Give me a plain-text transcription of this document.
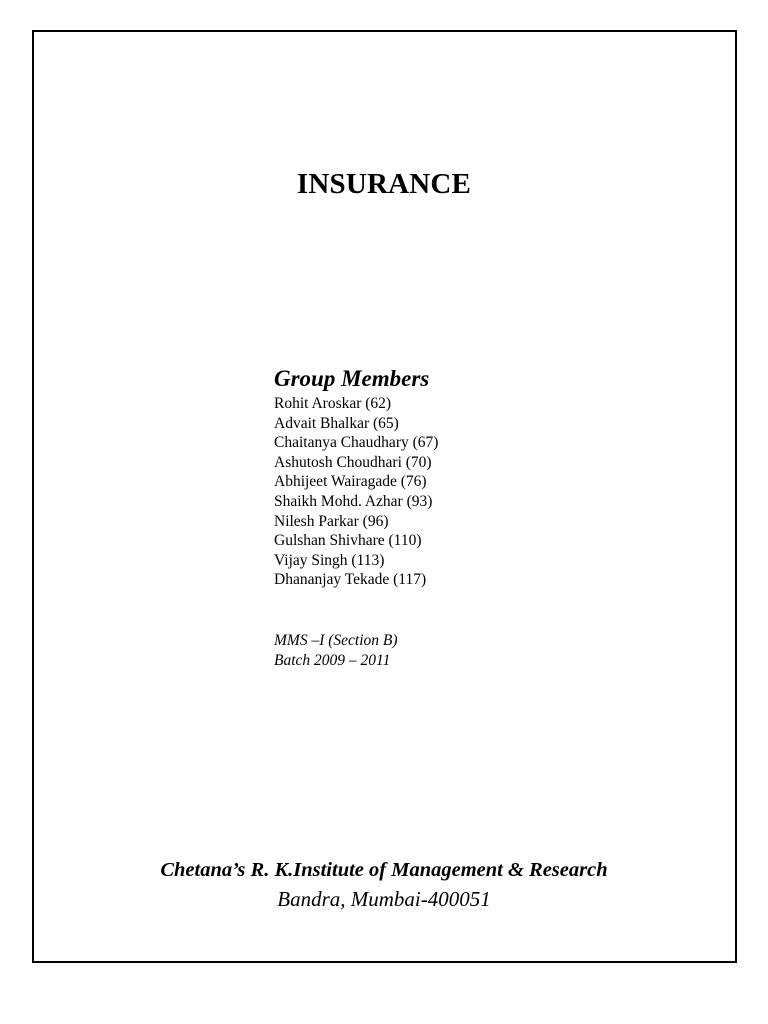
INSURANCE
Group Members
Rohit Aroskar (62)
Advait Bhalkar (65)
Chaitanya Chaudhary (67)
Ashutosh Choudhari (70)
Abhijeet Wairagade (76)
Shaikh Mohd. Azhar (93)
Nilesh Parkar (96)
Gulshan Shivhare (110)
Vijay Singh (113)
Dhananjay Tekade (117)
MMS –I (Section B)
Batch 2009 – 2011
Chetana’s R. K.Institute of Management & Research
Bandra, Mumbai-400051
